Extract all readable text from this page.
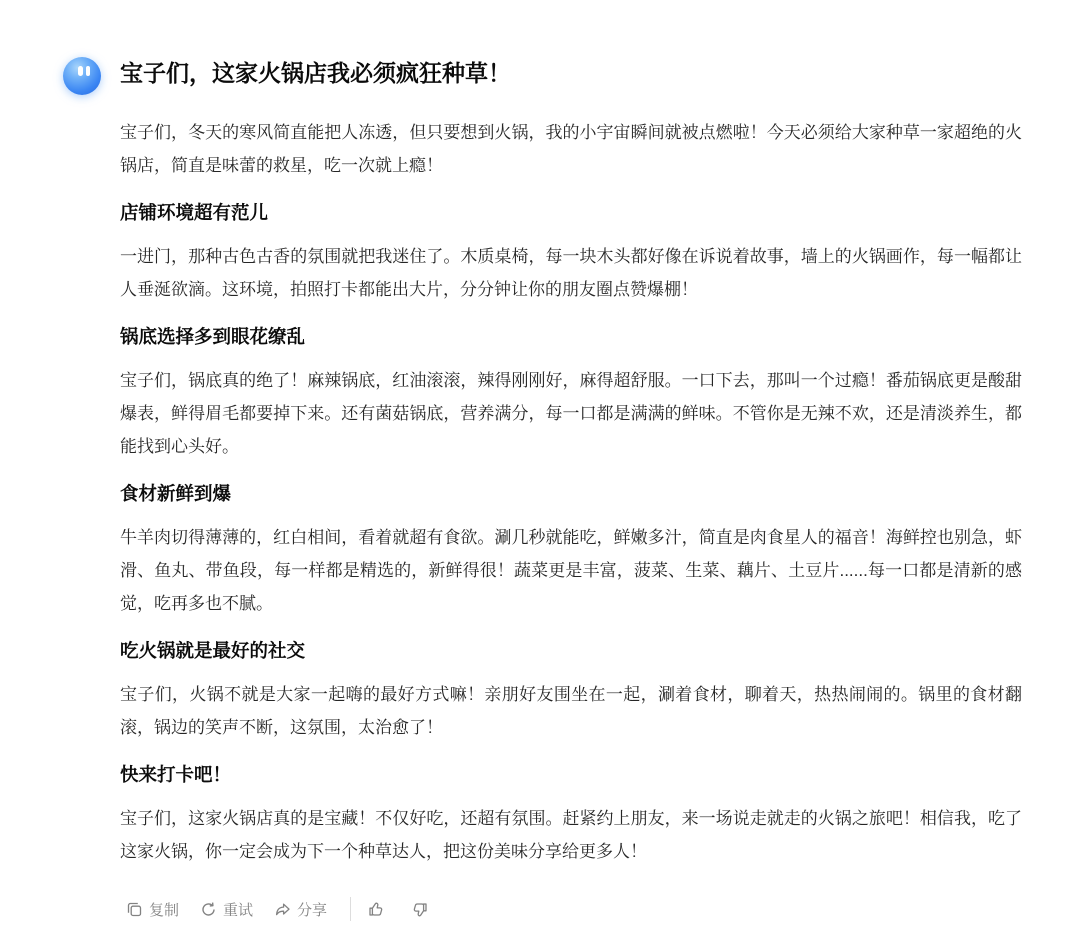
宝子们，这家火锅店我必须疯狂种草！

宝子们，冬天的寒风简直能把人冻透，但只要想到火锅，我的小宇宙瞬间就被点燃啦！今天必须给大家种草一家超绝的火锅店，简直是味蕾的救星，吃一次就上瘾！

店铺环境超有范儿

一进门，那种古色古香的氛围就把我迷住了。木质桌椅，每一块木头都好像在诉说着故事，墙上的火锅画作，每一幅都让人垂涎欲滴。这环境，拍照打卡都能出大片，分分钟让你的朋友圈点赞爆棚！

锅底选择多到眼花缭乱

宝子们，锅底真的绝了！麻辣锅底，红油滚滚，辣得刚刚好，麻得超舒服。一口下去，那叫一个过瘾！番茄锅底更是酸甜爆表，鲜得眉毛都要掉下来。还有菌菇锅底，营养满分，每一口都是满满的鲜味。不管你是无辣不欢，还是清淡养生，都能找到心头好。

食材新鲜到爆

牛羊肉切得薄薄的，红白相间，看着就超有食欲。涮几秒就能吃，鲜嫩多汁，简直是肉食星人的福音！海鲜控也别急，虾滑、鱼丸、带鱼段，每一样都是精选的，新鲜得很！蔬菜更是丰富，菠菜、生菜、藕片、土豆片......每一口都是清新的感觉，吃再多也不腻。

吃火锅就是最好的社交

宝子们，火锅不就是大家一起嗨的最好方式嘛！亲朋好友围坐在一起，涮着食材，聊着天，热热闹闹的。锅里的食材翻滚，锅边的笑声不断，这氛围，太治愈了！

快来打卡吧！

宝子们，这家火锅店真的是宝藏！不仅好吃，还超有氛围。赶紧约上朋友，来一场说走就走的火锅之旅吧！相信我，吃了这家火锅，你一定会成为下一个种草达人，把这份美味分享给更多人！

复制	重试	分享
